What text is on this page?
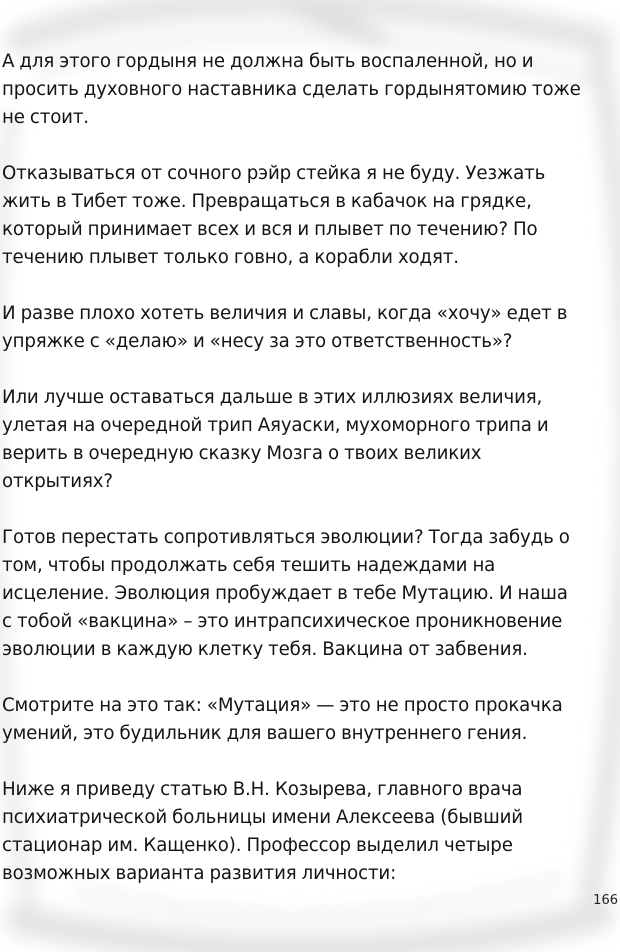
А для этого гордыня не должна быть воспаленной, но и
просить духовного наставника сделать гордынятомию тоже
не стоит.

Отказываться от сочного рэйр стейка я не буду. Уезжать
жить в Тибет тоже. Превращаться в кабачок на грядке,
который принимает всех и вся и плывет по течению? По
течению плывет только говно, а корабли ходят.

И разве плохо хотеть величия и славы, когда «хочу» едет в
упряжке с «делаю» и «несу за это ответственность»?

Или лучше оставаться дальше в этих иллюзиях величия,
улетая на очередной трип Аяуаски, мухоморного трипа и
верить в очередную сказку Мозга о твоих великих
открытиях?

Готов перестать сопротивляться эволюции? Тогда забудь о
том, чтобы продолжать себя тешить надеждами на
исцеление. Эволюция пробуждает в тебе Мутацию. И наша
с тобой «вакцина» – это интрапсихическое проникновение
эволюции в каждую клетку тебя. Вакцина от забвения.

Смотрите на это так: «Мутация» — это не просто прокачка
умений, это будильник для вашего внутреннего гения.

Ниже я приведу статью В.Н. Козырева, главного врача
психиатрической больницы имени Алексеева (бывший
стационар им. Кащенко). Профессор выделил четыре
возможных варианта развития личности:

166
